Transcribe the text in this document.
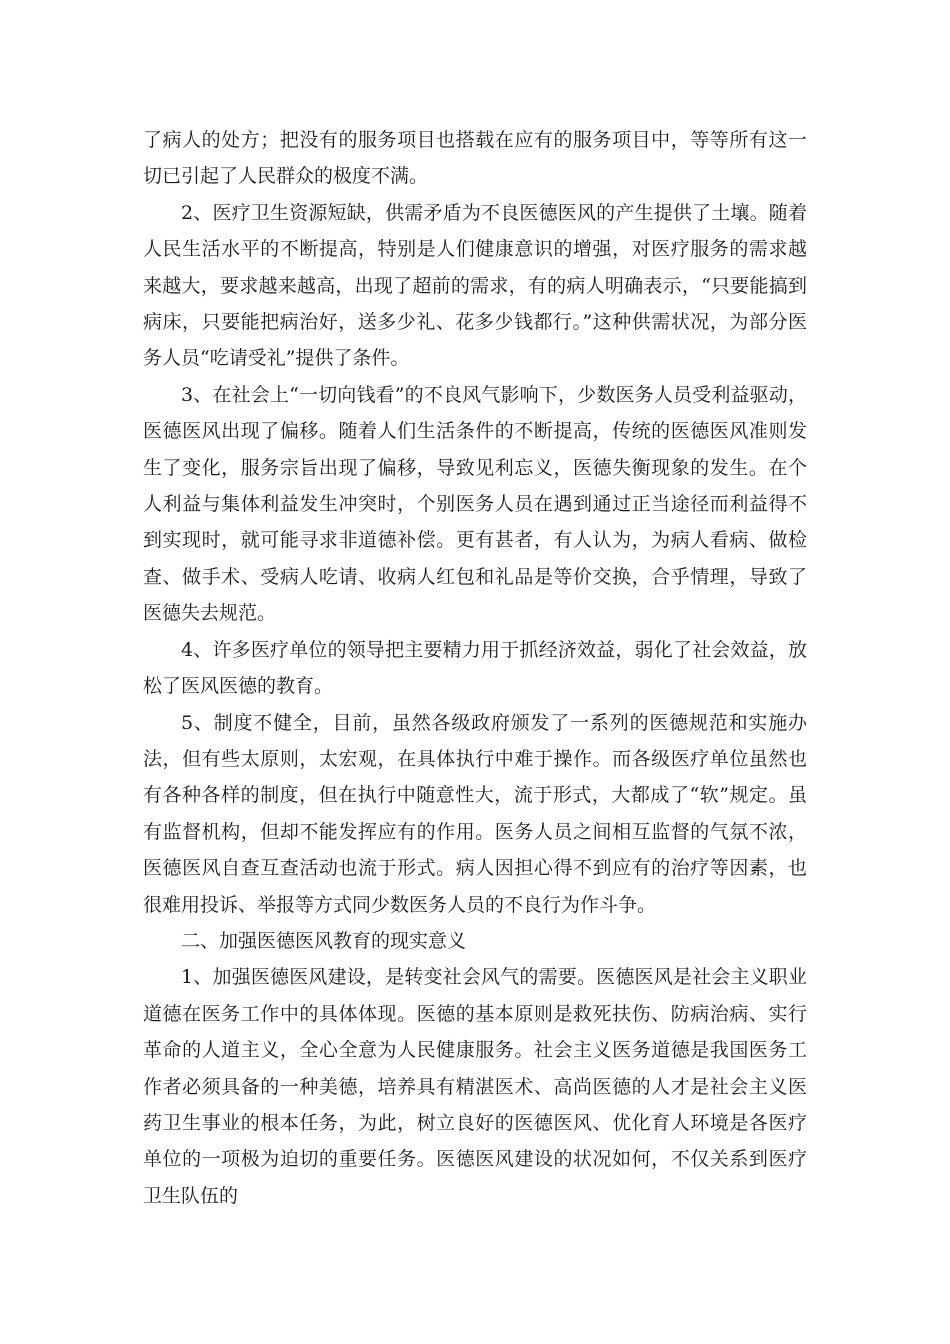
了病人的处方；把没有的服务项目也搭载在应有的服务项目中，等等所有这一切已引起了人民群众的极度不满。

2、医疗卫生资源短缺，供需矛盾为不良医德医风的产生提供了土壤。随着人民生活水平的不断提高，特别是人们健康意识的增强，对医疗服务的需求越来越大，要求越来越高，出现了超前的需求，有的病人明确表示，“只要能搞到病床，只要能把病治好，送多少礼、花多少钱都行。”这种供需状况，为部分医务人员“吃请受礼”提供了条件。

3、在社会上“一切向钱看”的不良风气影响下，少数医务人员受利益驱动，医德医风出现了偏移。随着人们生活条件的不断提高，传统的医德医风准则发生了变化，服务宗旨出现了偏移，导致见利忘义，医德失衡现象的发生。在个人利益与集体利益发生冲突时，个别医务人员在遇到通过正当途径而利益得不到实现时，就可能寻求非道德补偿。更有甚者，有人认为，为病人看病、做检查、做手术、受病人吃请、收病人红包和礼品是等价交换，合乎情理，导致了医德失去规范。

4、许多医疗单位的领导把主要精力用于抓经济效益，弱化了社会效益，放松了医风医德的教育。

5、制度不健全，目前，虽然各级政府颁发了一系列的医德规范和实施办法，但有些太原则，太宏观，在具体执行中难于操作。而各级医疗单位虽然也有各种各样的制度，但在执行中随意性大，流于形式，大都成了“软”规定。虽有监督机构，但却不能发挥应有的作用。医务人员之间相互监督的气氛不浓，医德医风自查互查活动也流于形式。病人因担心得不到应有的治疗等因素，也很难用投诉、举报等方式同少数医务人员的不良行为作斗争。

二、加强医德医风教育的现实意义

1、加强医德医风建设，是转变社会风气的需要。医德医风是社会主义职业道德在医务工作中的具体体现。医德的基本原则是救死扶伤、防病治病、实行革命的人道主义，全心全意为人民健康服务。社会主义医务道德是我国医务工作者必须具备的一种美德，培养具有精湛医术、高尚医德的人才是社会主义医药卫生事业的根本任务，为此，树立良好的医德医风、优化育人环境是各医疗单位的一项极为迫切的重要任务。医德医风建设的状况如何，不仅关系到医疗卫生队伍的
